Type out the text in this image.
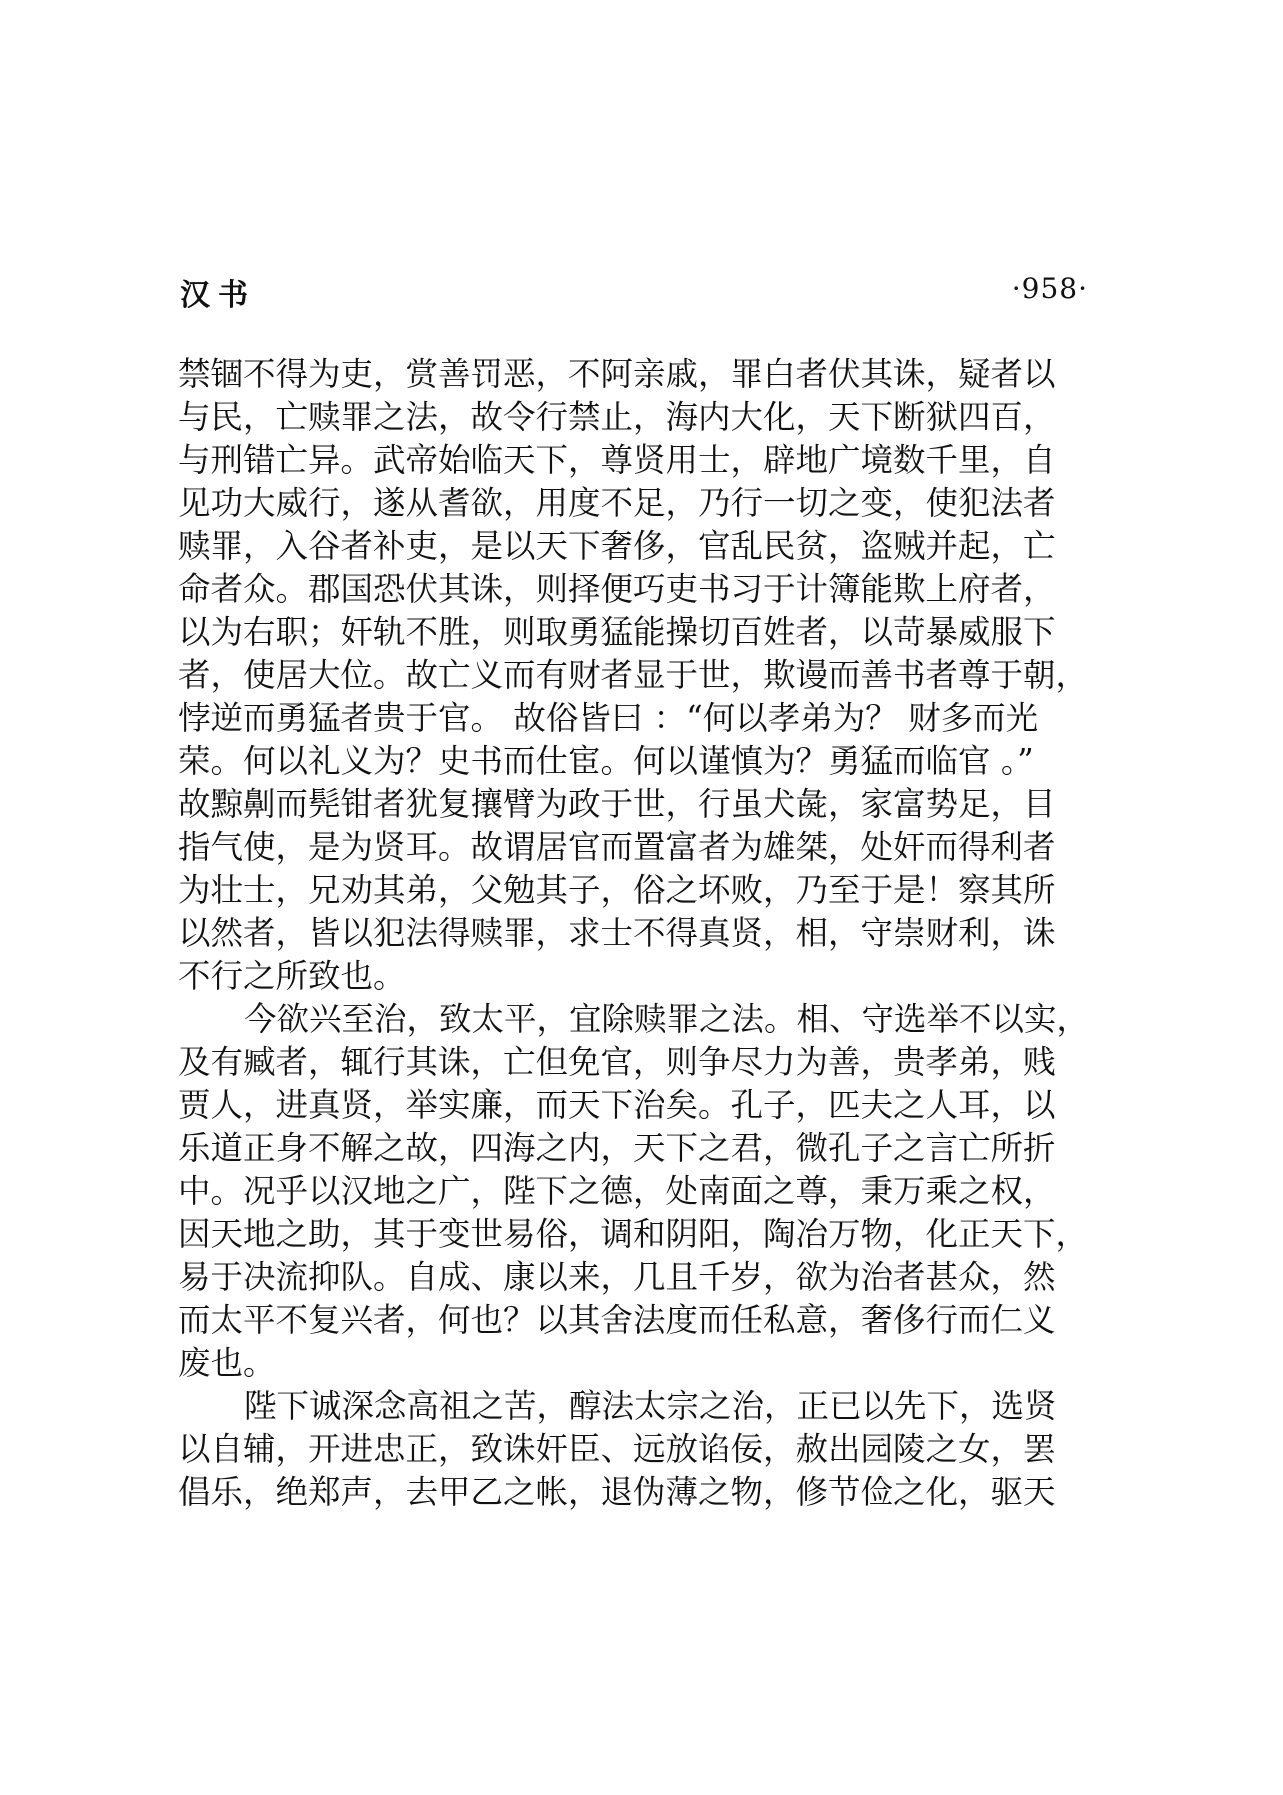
汉书	·958·
禁锢不得为吏，赏善罚恶，不阿亲戚，罪白者伏其诛，疑者以
与民，亡赎罪之法，故令行禁止，海内大化，天下断狱四百，
与刑错亡异。武帝始临天下，尊贤用士，辟地广境数千里，自
见功大威行，遂从耆欲，用度不足，乃行一切之变，使犯法者
赎罪，入谷者补吏，是以天下奢侈，官乱民贫，盗贼并起，亡
命者众。郡国恐伏其诛，则择便巧吏书习于计簿能欺上府者，
以为右职；奸轨不胜，则取勇猛能操切百姓者，以苛暴威服下
者，使居大位。故亡义而有财者显于世，欺谩而善书者尊于朝，
悖逆而勇猛者贵于官。 故俗皆曰 ：“何以孝弟为？ 财多而光
荣。何以礼义为？史书而仕宦。何以谨慎为？勇猛而临官 。”
故黥劓而髡钳者犹复攘臂为政于世，行虽犬彘，家富势足，目
指气使，是为贤耳。故谓居官而置富者为雄桀，处奸而得利者
为壮士，兄劝其弟，父勉其子，俗之坏败，乃至于是！察其所
以然者，皆以犯法得赎罪，求士不得真贤，相，守崇财利，诛
不行之所致也。
今欲兴至治，致太平，宜除赎罪之法。相、守选举不以实，
及有臧者，辄行其诛，亡但免官，则争尽力为善，贵孝弟，贱
贾人，进真贤，举实廉，而天下治矣。孔子，匹夫之人耳，以
乐道正身不解之故，四海之内，天下之君，微孔子之言亡所折
中。况乎以汉地之广，陛下之德，处南面之尊，秉万乘之权，
因天地之助，其于变世易俗，调和阴阳，陶冶万物，化正天下，
易于决流抑队。自成、康以来，几且千岁，欲为治者甚众，然
而太平不复兴者，何也？以其舍法度而任私意，奢侈行而仁义
废也。
陛下诚深念高祖之苦，醇法太宗之治，正已以先下，选贤
以自辅，开进忠正，致诛奸臣、远放谄佞，赦出园陵之女，罢
倡乐，绝郑声，去甲乙之帐，退伪薄之物，修节俭之化，驱天
